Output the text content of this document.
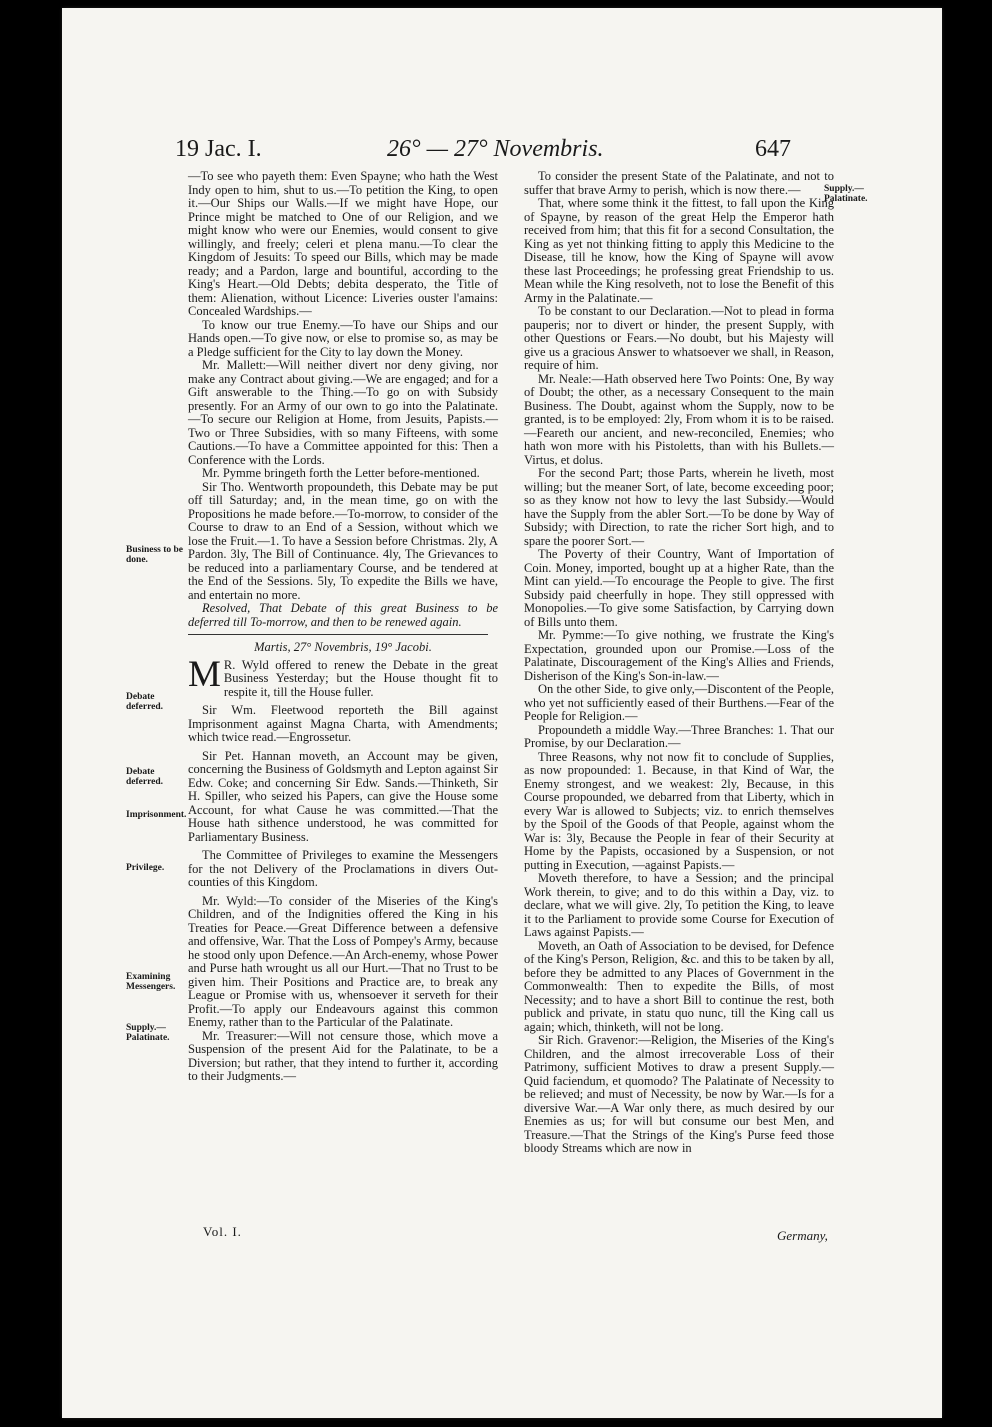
19 Jac. I.	26° — 27° Novembris.	647
Supply.— Palatinate.
Business to be done.
Debate deferred.
Debate deferred.
Imprisonment.
Privilege.
Examining Messengers.
Supply.— Palatinate.

—To see who payeth them: Even Spayne; who hath the West Indy open to him, shut to us.—To petition the King, to open it.—Our Ships our Walls.—If we might have Hope, our Prince might be matched to One of our Religion, and we might know who were our Enemies, would consent to give willingly, and freely; celeri et plena manu.—To clear the Kingdom of Jesuits: To speed our Bills, which may be made ready; and a Pardon, large and bountiful, according to the King's Heart.—Old Debts; debita desperato, the Title of them: Alienation, without Licence: Liveries ouster l'amains: Concealed Wardships.—

To know our true Enemy.—To have our Ships and our Hands open.—To give now, or else to promise so, as may be a Pledge sufficient for the City to lay down the Money.

Mr. Mallett:—Will neither divert nor deny giving, nor make any Contract about giving.—We are engaged; and for a Gift answerable to the Thing.—To go on with Subsidy presently. For an Army of our own to go into the Palatinate.—To secure our Religion at Home, from Jesuits, Papists.—Two or Three Subsidies, with so many Fifteens, with some Cautions.—To have a Committee appointed for this: Then a Conference with the Lords.

Mr. Pymme bringeth forth the Letter before-mentioned.

Sir Tho. Wentworth propoundeth, this Debate may be put off till Saturday; and, in the mean time, go on with the Propositions he made before.—To-morrow, to consider of the Course to draw to an End of a Session, without which we lose the Fruit.—1. To have a Session before Christmas. 2ly, A Pardon. 3ly, The Bill of Continuance. 4ly, The Grievances to be reduced into a parliamentary Course, and be tendered at the End of the Sessions. 5ly, To expedite the Bills we have, and entertain no more.

Resolved, That Debate of this great Business to be deferred till To-morrow, and then to be renewed again.

Martis, 27° Novembris, 19° Jacobi.

MR. Wyld offered to renew the Debate in the great Business Yesterday; but the House thought fit to respite it, till the House fuller.

Sir Wm. Fleetwood reporteth the Bill against Imprisonment against Magna Charta, with Amendments; which twice read.—Engrossetur.

Sir Pet. Hannan moveth, an Account may be given, concerning the Business of Goldsmyth and Lepton against Sir Edw. Coke; and concerning Sir Edw. Sands.—Thinketh, Sir H. Spiller, who seized his Papers, can give the House some Account, for what Cause he was committed.—That the House hath sithence understood, he was committed for Parliamentary Business.

The Committee of Privileges to examine the Messengers for the not Delivery of the Proclamations in divers Out-counties of this Kingdom.

Mr. Wyld:—To consider of the Miseries of the King's Children, and of the Indignities offered the King in his Treaties for Peace.—Great Difference between a defensive and offensive, War. That the Loss of Pompey's Army, because he stood only upon Defence.—An Arch-enemy, whose Power and Purse hath wrought us all our Hurt.—That no Trust to be given him. Their Positions and Practice are, to break any League or Promise with us, whensoever it serveth for their Profit.—To apply our Endeavours against this common Enemy, rather than to the Particular of the Palatinate.

Mr. Treasurer:—Will not censure those, which move a Suspension of the present Aid for the Palatinate, to be a Diversion; but rather, that they intend to further it, according to their Judgments.—

To consider the present State of the Palatinate, and not to suffer that brave Army to perish, which is now there.—

That, where some think it the fittest, to fall upon the King of Spayne, by reason of the great Help the Emperor hath received from him; that this fit for a second Consultation, the King as yet not thinking fitting to apply this Medicine to the Disease, till he know, how the King of Spayne will avow these last Proceedings; he professing great Friendship to us. Mean while the King resolveth, not to lose the Benefit of this Army in the Palatinate.—

To be constant to our Declaration.—Not to plead in forma pauperis; nor to divert or hinder, the present Supply, with other Questions or Fears.—No doubt, but his Majesty will give us a gracious Answer to whatsoever we shall, in Reason, require of him.

Mr. Neale:—Hath observed here Two Points: One, By way of Doubt; the other, as a necessary Consequent to the main Business. The Doubt, against whom the Supply, now to be granted, is to be employed: 2ly, From whom it is to be raised.—Feareth our ancient, and new-reconciled, Enemies; who hath won more with his Pistoletts, than with his Bullets.—Virtus, et dolus.

For the second Part; those Parts, wherein he liveth, most willing; but the meaner Sort, of late, become exceeding poor; so as they know not how to levy the last Subsidy.—Would have the Supply from the abler Sort.—To be done by Way of Subsidy; with Direction, to rate the richer Sort high, and to spare the poorer Sort.—

The Poverty of their Country, Want of Importation of Coin. Money, imported, bought up at a higher Rate, than the Mint can yield.—To encourage the People to give. The first Subsidy paid cheerfully in hope. They still oppressed with Monopolies.—To give some Satisfaction, by Carrying down of Bills unto them.

Mr. Pymme:—To give nothing, we frustrate the King's Expectation, grounded upon our Promise.—Loss of the Palatinate, Discouragement of the King's Allies and Friends, Disherison of the King's Son-in-law.—

On the other Side, to give only,—Discontent of the People, who yet not sufficiently eased of their Burthens.—Fear of the People for Religion.—

Propoundeth a middle Way.—Three Branches: 1. That our Promise, by our Declaration.—

Three Reasons, why not now fit to conclude of Supplies, as now propounded: 1. Because, in that Kind of War, the Enemy strongest, and we weakest: 2ly, Because, in this Course propounded, we debarred from that Liberty, which in every War is allowed to Subjects; viz. to enrich themselves by the Spoil of the Goods of that People, against whom the War is: 3ly, Because the People in fear of their Security at Home by the Papists, occasioned by a Suspension, or not putting in Execution, —against Papists.—

Moveth therefore, to have a Session; and the principal Work therein, to give; and to do this within a Day, viz. to declare, what we will give. 2ly, To petition the King, to leave it to the Parliament to provide some Course for Execution of Laws against Papists.—

Moveth, an Oath of Association to be devised, for Defence of the King's Person, Religion, &c. and this to be taken by all, before they be admitted to any Places of Government in the Commonwealth: Then to expedite the Bills, of most Necessity; and to have a short Bill to continue the rest, both publick and private, in statu quo nunc, till the King call us again; which, thinketh, will not be long.

Sir Rich. Gravenor:—Religion, the Miseries of the King's Children, and the almost irrecoverable Loss of their Patrimony, sufficient Motives to draw a present Supply.—Quid faciendum, et quomodo? The Palatinate of Necessity to be relieved; and must of Necessity, be now by War.—Is for a diversive War.—A War only there, as much desired by our Enemies as us; for will but consume our best Men, and Treasure.—That the Strings of the King's Purse feed those bloody Streams which are now in

Vol. I.	Germany,
